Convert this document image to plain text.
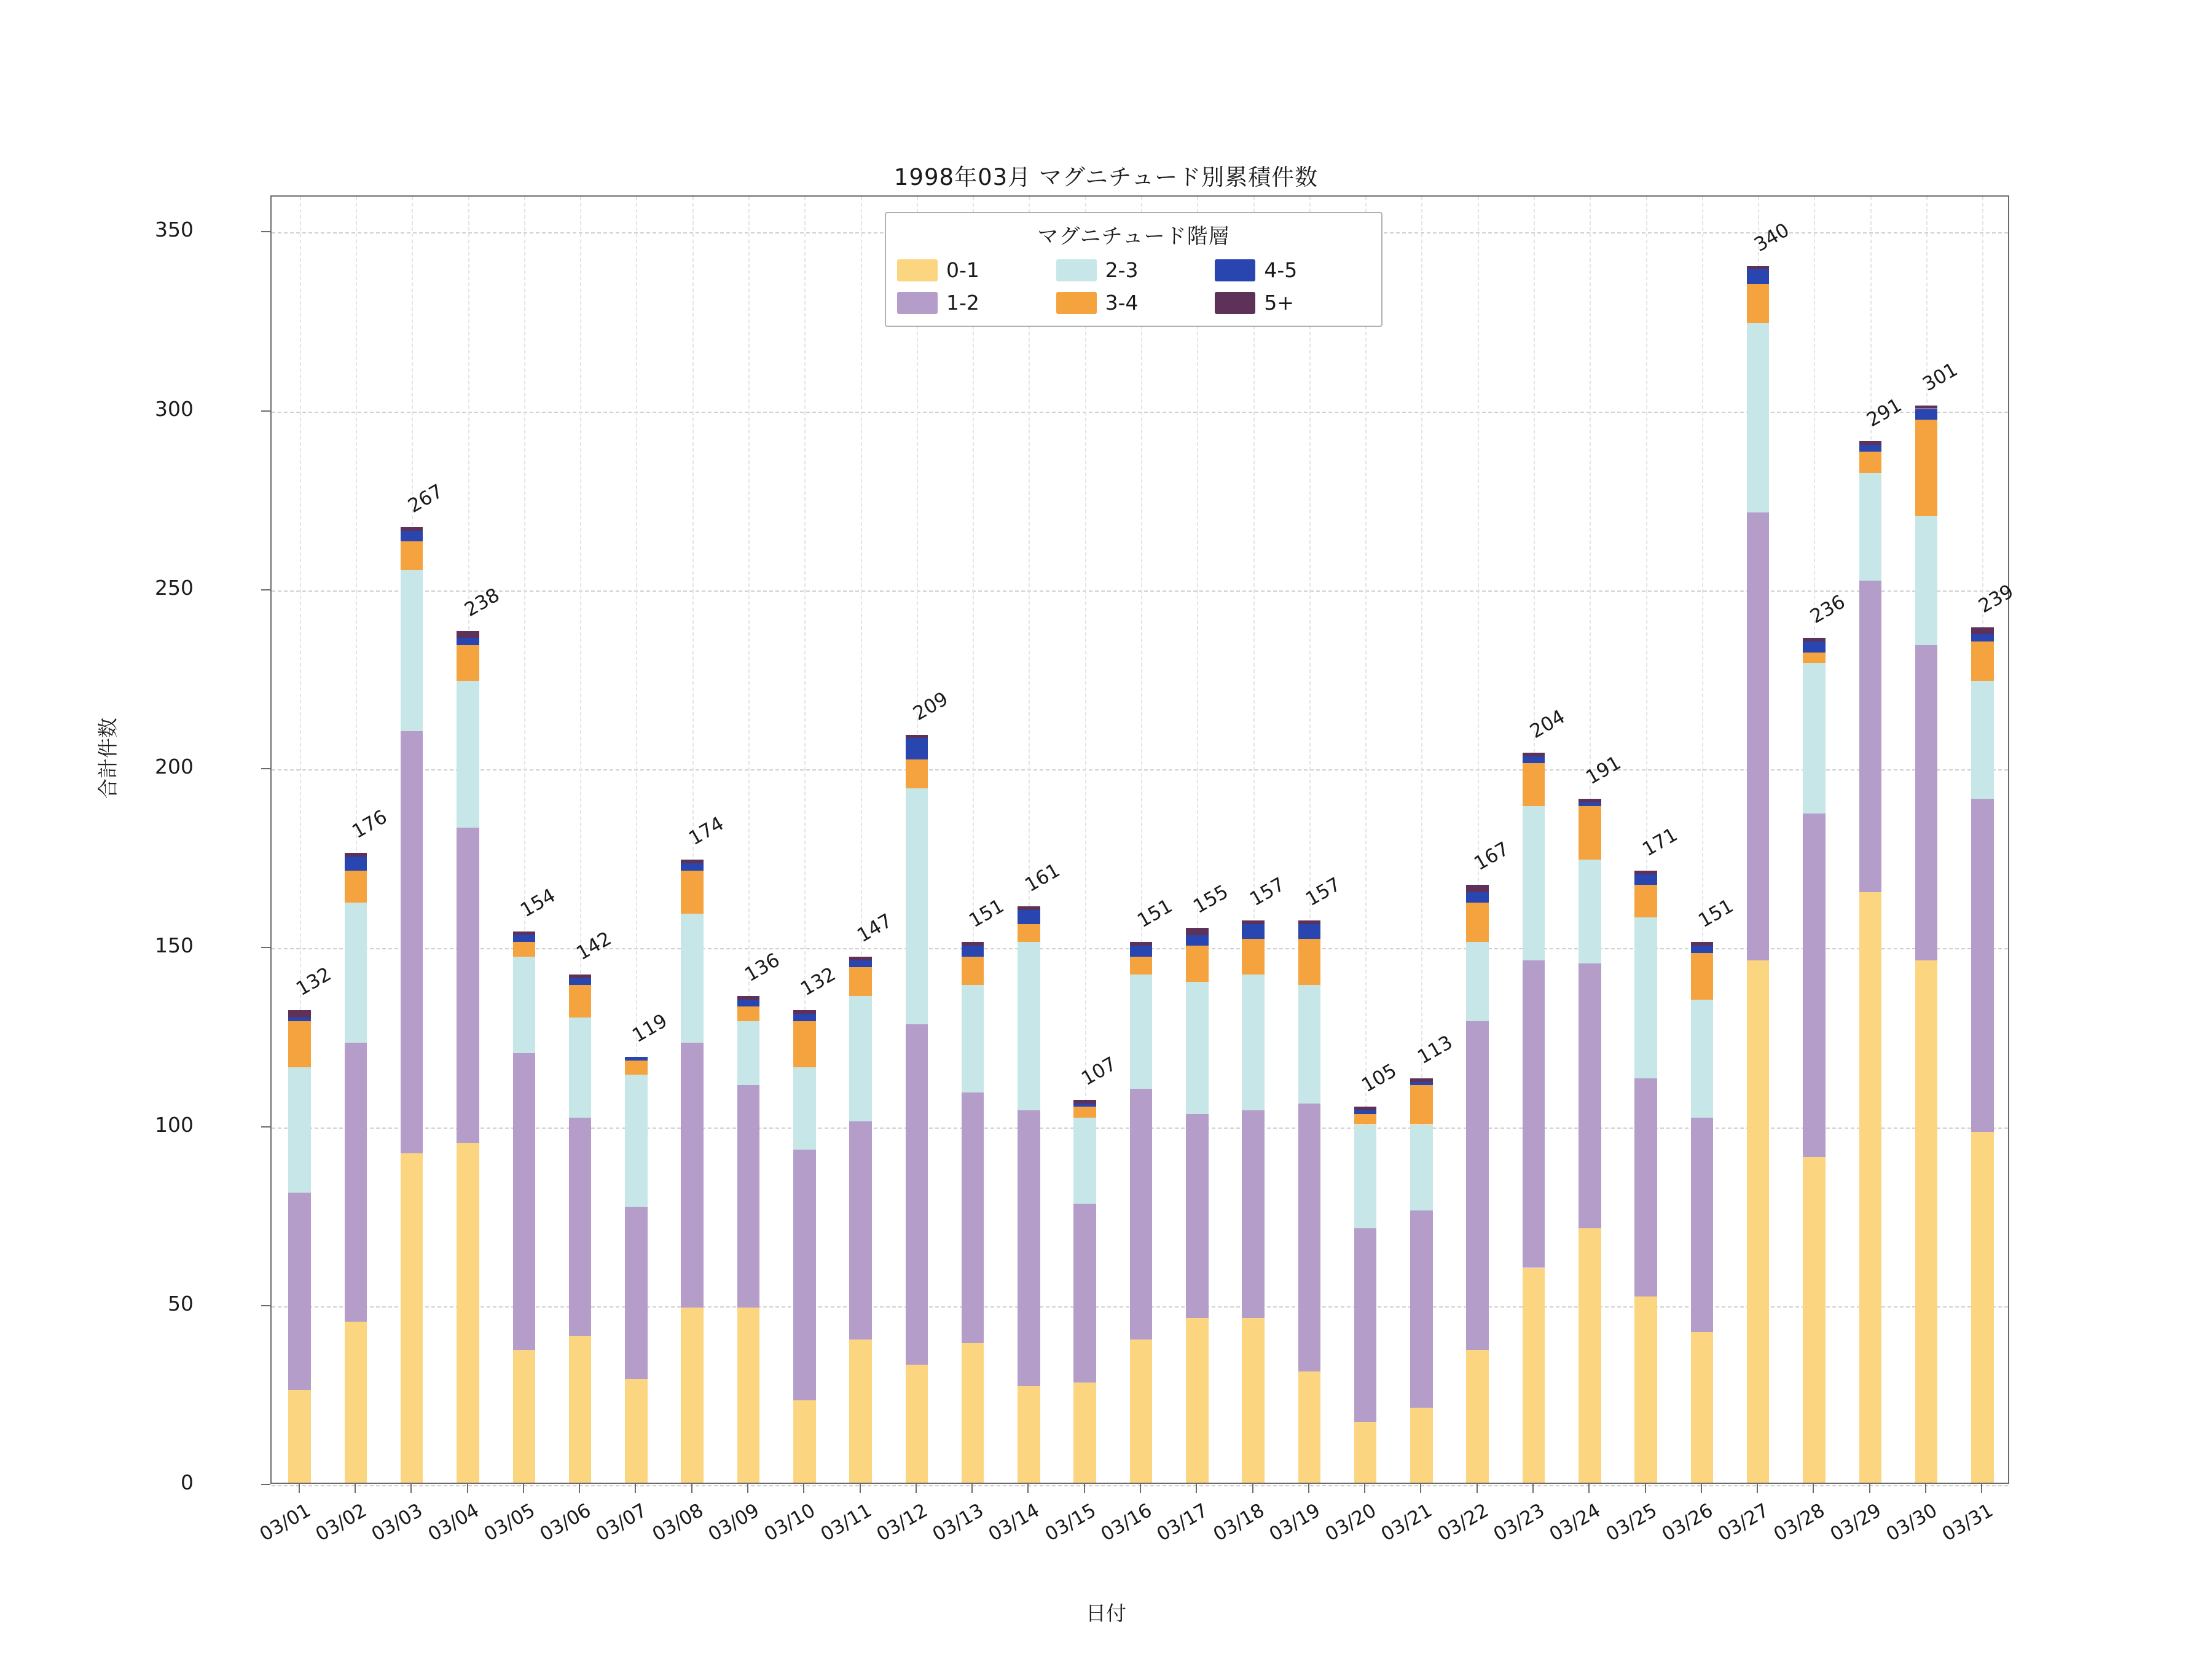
1998年03月 マグニチュード別累積件数
合計件数
日付
132
176
267
238
154
142
119
174
136 132
147
209
151
161
107
151 155 157 157
105
113
167
204
191
171
151
340
236
291
301
239
0
50
100
150
200
250
300
350
03/01
03/02
03/03
03/04
03/05
03/06
03/07
03/08
03/09
03/10
03/11
03/12
03/13
03/14
03/15
03/16
03/17
03/18
03/19
03/20
03/21
03/22
03/23
03/24
03/25
03/26
03/27
03/28
03/29
03/30
03/31
マグニチュード階層
0-1	2-3	4-5
1-2	3-4	5+
